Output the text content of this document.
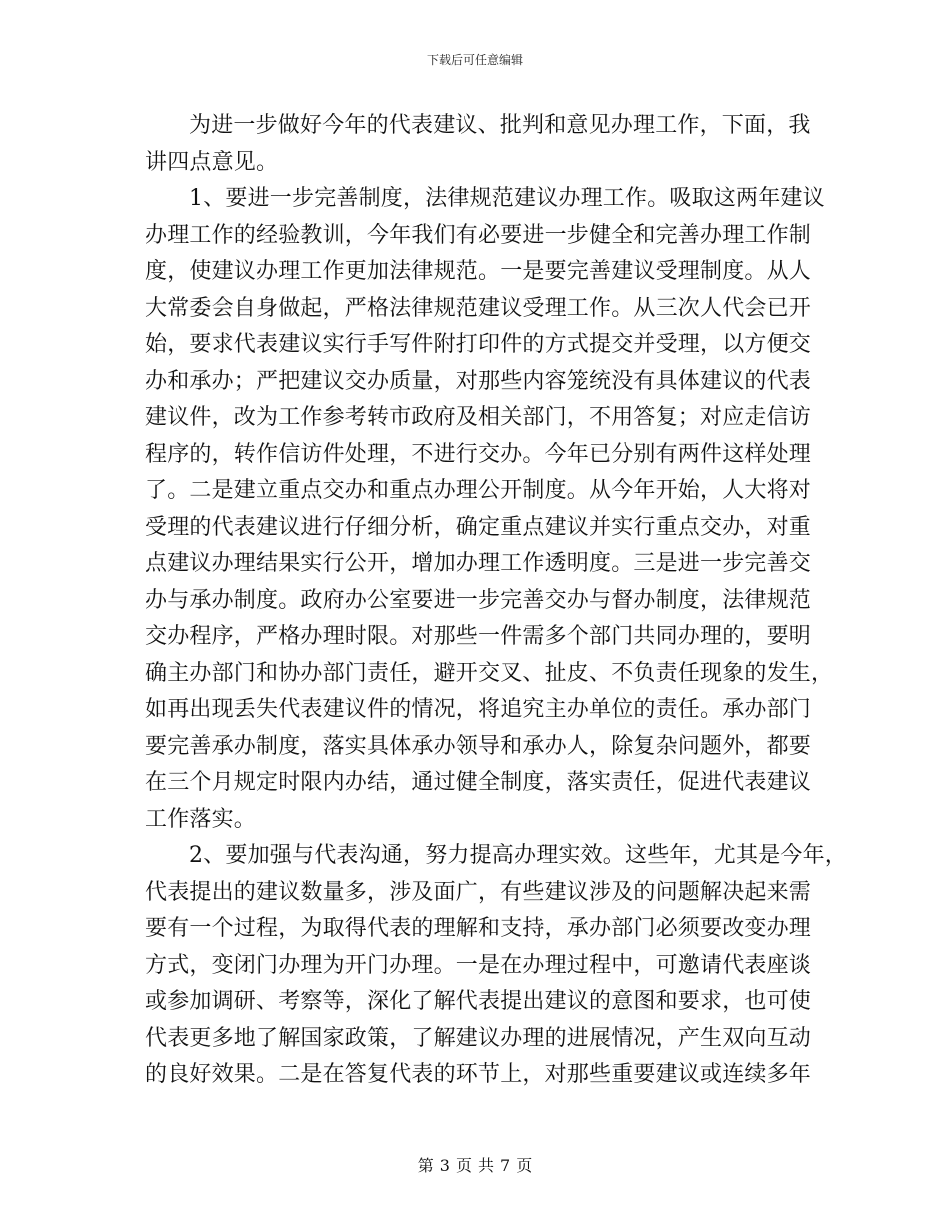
下载后可任意编辑
为进一步做好今年的代表建议、批判和意见办理工作，下面，我
讲四点意见。
1、要进一步完善制度，法律规范建议办理工作。吸取这两年建议
办理工作的经验教训，今年我们有必要进一步健全和完善办理工作制
度，使建议办理工作更加法律规范。一是要完善建议受理制度。从人
大常委会自身做起，严格法律规范建议受理工作。从三次人代会已开
始，要求代表建议实行手写件附打印件的方式提交并受理，以方便交
办和承办；严把建议交办质量，对那些内容笼统没有具体建议的代表
建议件，改为工作参考转市政府及相关部门，不用答复；对应走信访
程序的，转作信访件处理，不进行交办。今年已分别有两件这样处理
了。二是建立重点交办和重点办理公开制度。从今年开始，人大将对
受理的代表建议进行仔细分析，确定重点建议并实行重点交办，对重
点建议办理结果实行公开，增加办理工作透明度。三是进一步完善交
办与承办制度。政府办公室要进一步完善交办与督办制度，法律规范
交办程序，严格办理时限。对那些一件需多个部门共同办理的，要明
确主办部门和协办部门责任，避开交叉、扯皮、不负责任现象的发生，
如再出现丢失代表建议件的情况，将追究主办单位的责任。承办部门
要完善承办制度，落实具体承办领导和承办人，除复杂问题外，都要
在三个月规定时限内办结，通过健全制度，落实责任，促进代表建议
工作落实。
2、要加强与代表沟通，努力提高办理实效。这些年，尤其是今年，
代表提出的建议数量多，涉及面广，有些建议涉及的问题解决起来需
要有一个过程，为取得代表的理解和支持，承办部门必须要改变办理
方式，变闭门办理为开门办理。一是在办理过程中，可邀请代表座谈
或参加调研、考察等，深化了解代表提出建议的意图和要求，也可使
代表更多地了解国家政策，了解建议办理的进展情况，产生双向互动
的良好效果。二是在答复代表的环节上，对那些重要建议或连续多年
第 3 页 共 7 页
